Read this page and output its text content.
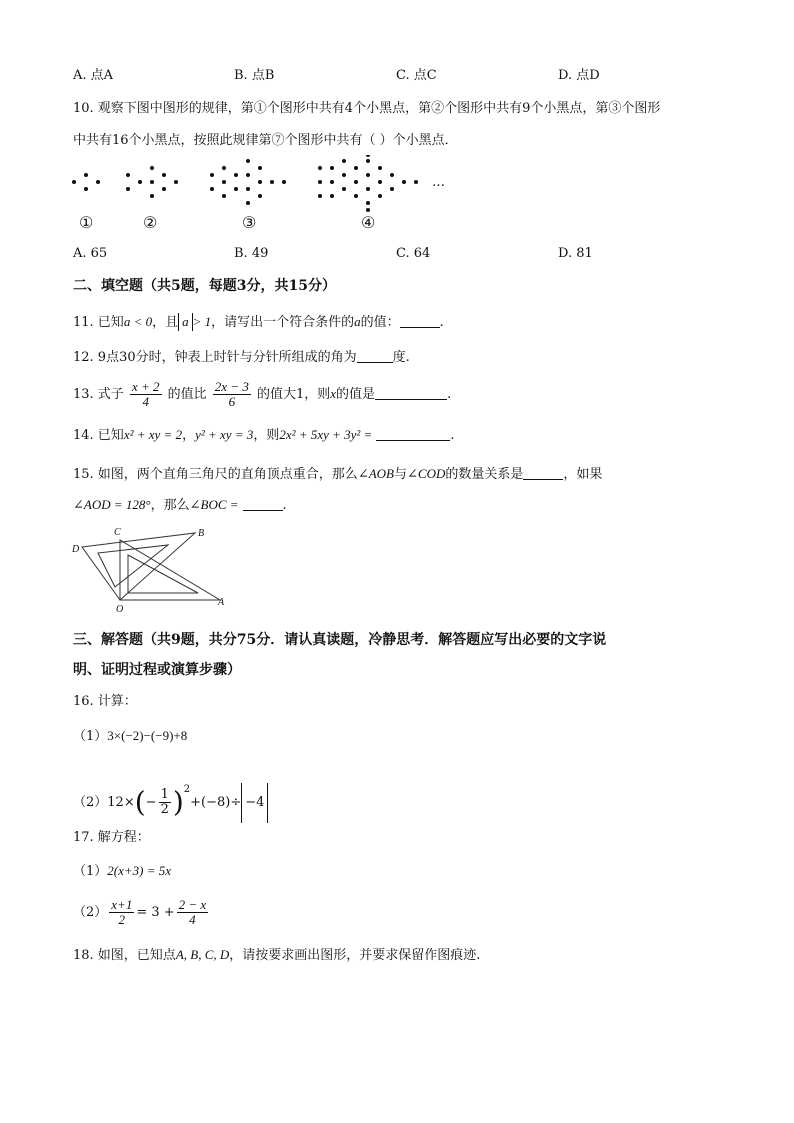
A. 点A	B. 点B	C. 点C	D. 点D
10. 观察下图中图形的规律，第①个图形中共有4个小黑点，第②个图形中共有9个小黑点，第③个图形
中共有16个小黑点，按照此规律第⑦个图形中共有（ ）个小黑点．
…
①	②	③	④
A. 65	B. 49	C. 64	D. 81
二、填空题（共5题，每题3分，共15分）
11. 已知a < 0，且 a > 1，请写出一个符合条件的a的值：	.
12. 9点30分时，钟表上时针与分针所组成的角为	度.
13. 式子 $\frac{x + 2}{4}$ 的值比 $\frac{2x - 3}{6}$ 的值大1，则x的值是	.
14. 已知x² + xy = 2，y² + xy = 3，则2x² + 5xy + 3y² =	.
15. 如图，两个直角三角尺的直角顶点重合，那么∠AOB与∠COD的数量关系是	，如果
∠AOD = 128°，那么∠BOC =	.
C	B
D
O
A
三、解答题（共9题，共分75分．请认真读题，冷静思考．解答题应写出必要的文字说
明、证明过程或演算步骤）
16. 计算：
（1）3×(−2)−(−9)+8
$(2)12\times(- \frac{1}{2} )^2+(-8)\div -4$
17. 解方程：
（1）2(x+3) = 5x
$(2) \frac{x+1}{2} = 3 + \frac{2 - x}{4}$
18. 如图，已知点A, B, C, D，请按要求画出图形，并要求保留作图痕迹.
